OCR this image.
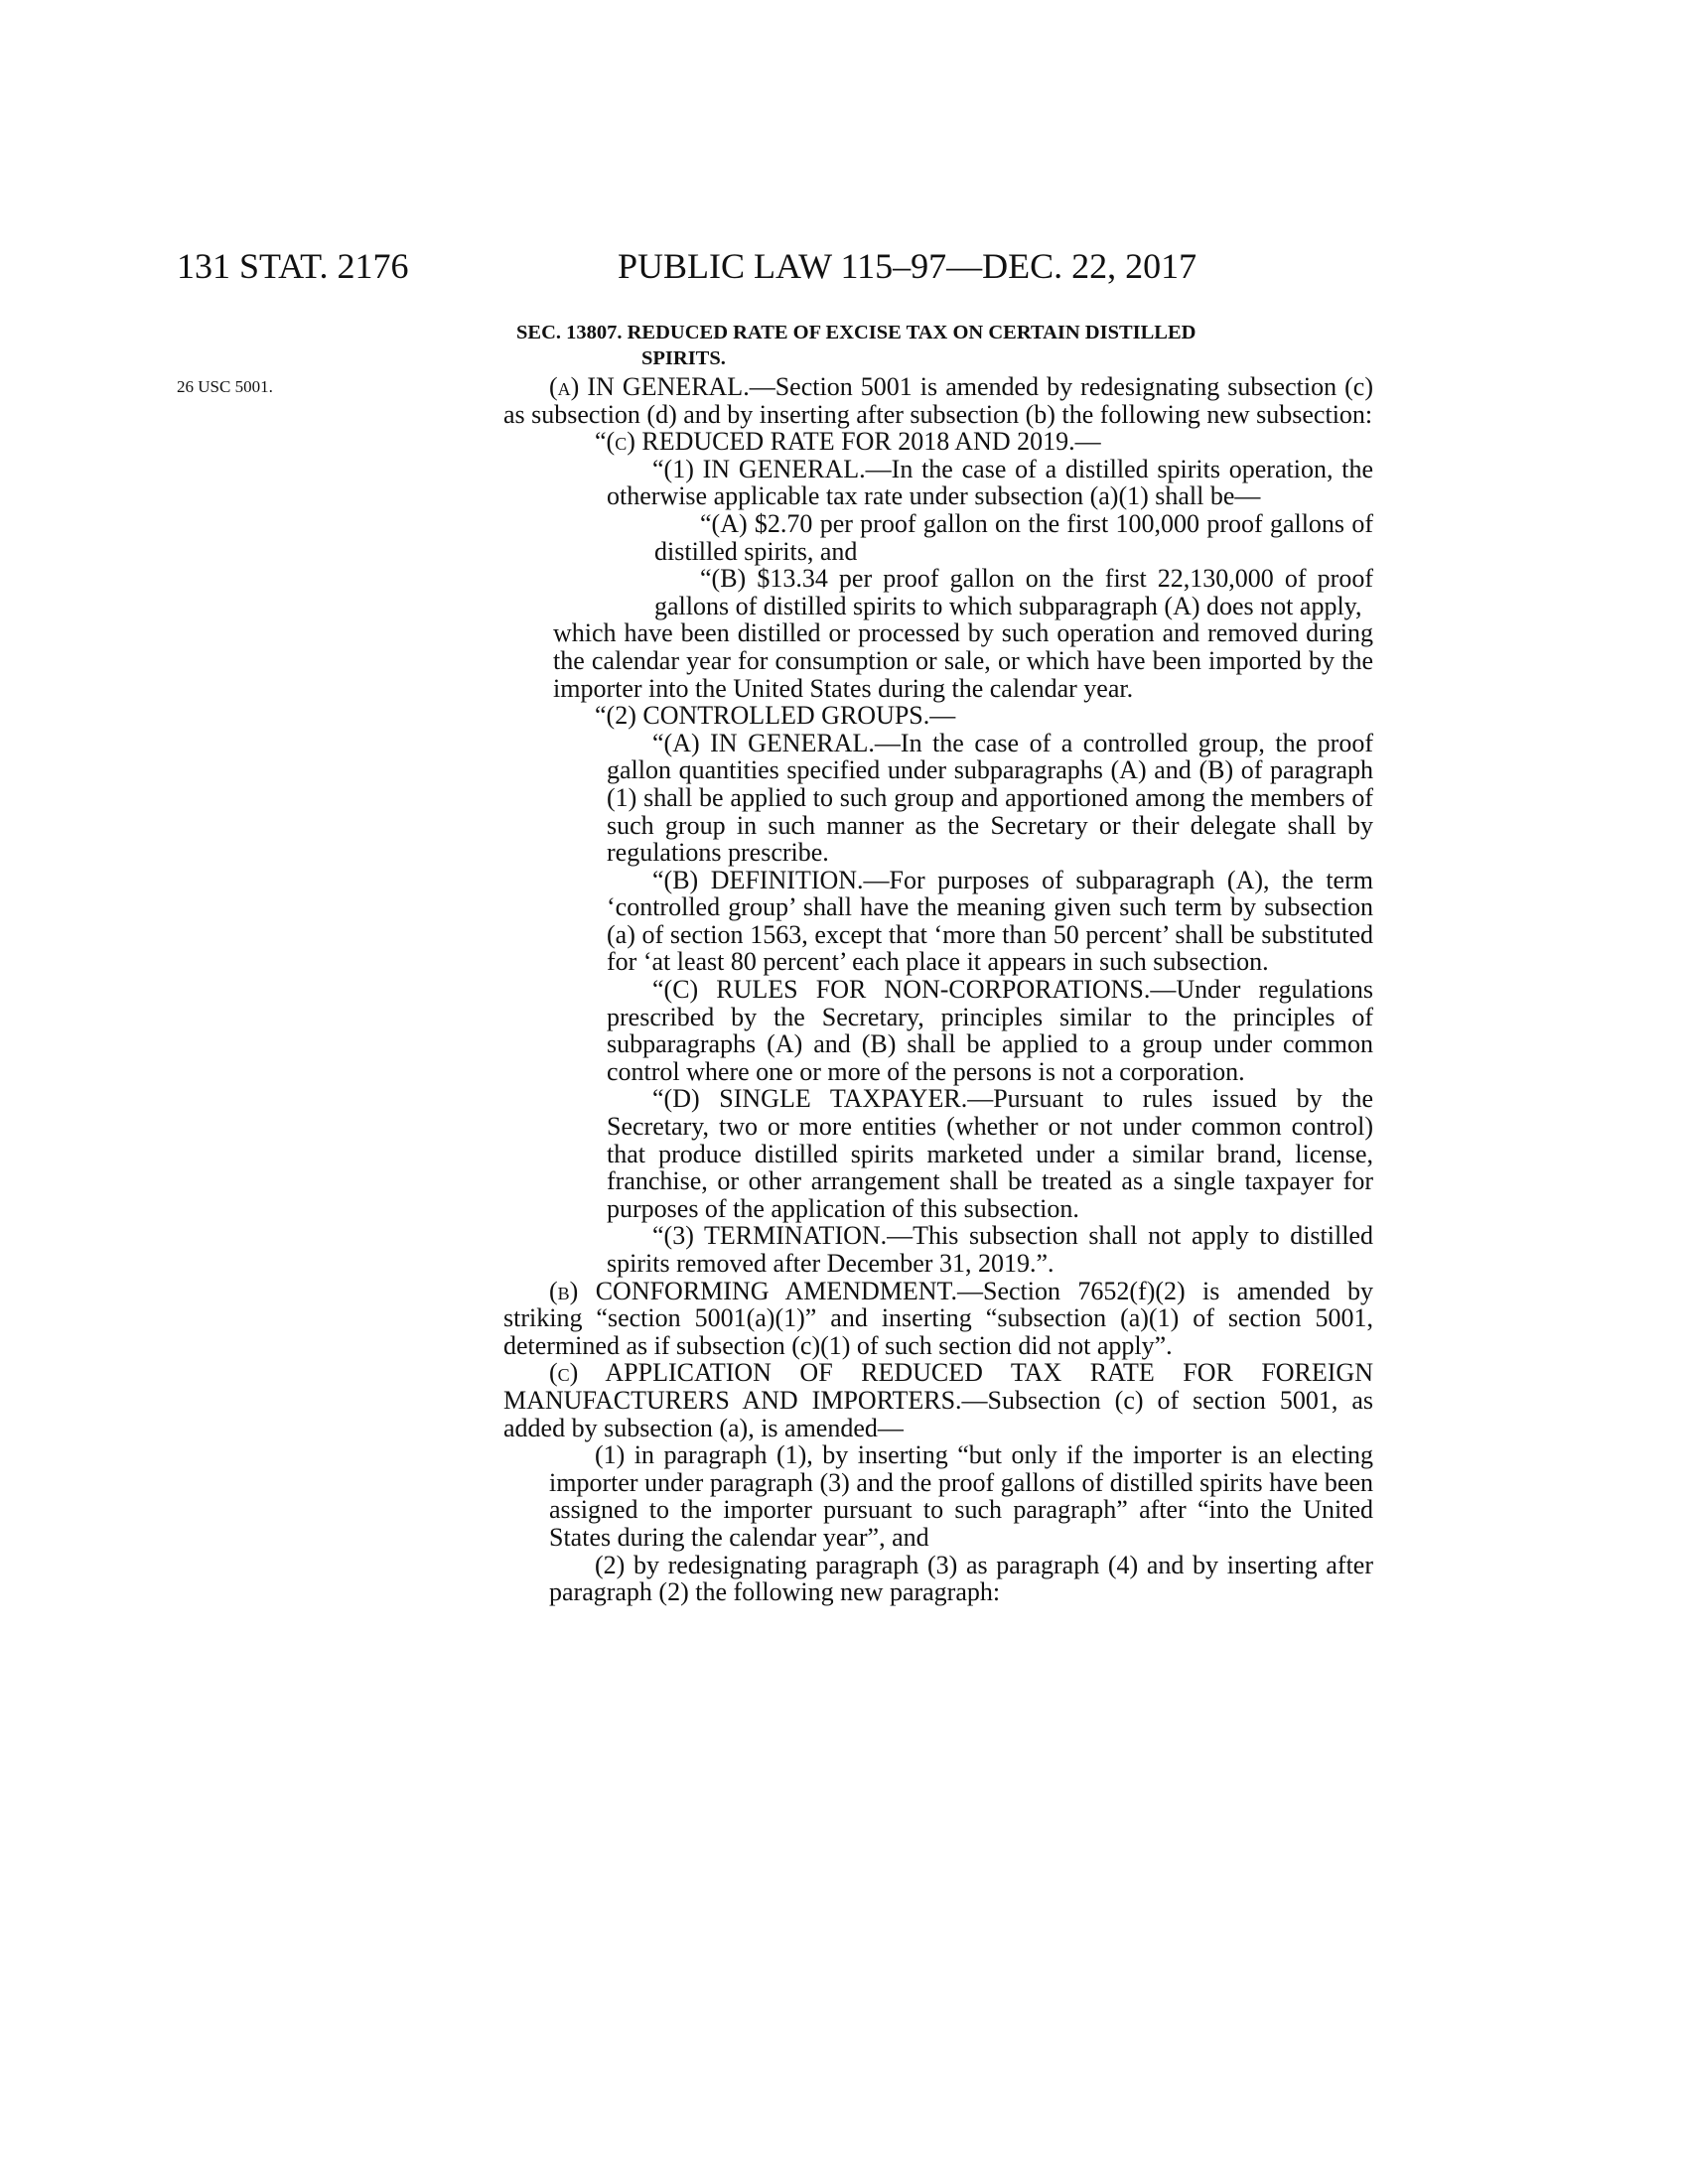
131 STAT. 2176	PUBLIC LAW 115–97—DEC. 22, 2017
SEC. 13807. REDUCED RATE OF EXCISE TAX ON CERTAIN DISTILLED
SPIRITS.
26 USC 5001.	(a) IN GENERAL.—Section 5001 is amended by redesignating subsection (c) as subsection (d) and by inserting after subsection (b) the following new subsection:

“(c) REDUCED RATE FOR 2018 AND 2019.—

“(1) IN GENERAL.—In the case of a distilled spirits operation, the otherwise applicable tax rate under subsection (a)(1) shall be—

“(A) $2.70 per proof gallon on the first 100,000 proof gallons of distilled spirits, and

“(B) $13.34 per proof gallon on the first 22,130,000 of proof gallons of distilled spirits to which subparagraph (A) does not apply,

which have been distilled or processed by such operation and removed during the calendar year for consumption or sale, or which have been imported by the importer into the United States during the calendar year.

“(2) CONTROLLED GROUPS.—

“(A) IN GENERAL.—In the case of a controlled group, the proof gallon quantities specified under subparagraphs (A) and (B) of paragraph (1) shall be applied to such group and apportioned among the members of such group in such manner as the Secretary or their delegate shall by regulations prescribe.

“(B) DEFINITION.—For purposes of subparagraph (A), the term ‘controlled group’ shall have the meaning given such term by subsection (a) of section 1563, except that ‘more than 50 percent’ shall be substituted for ‘at least 80 percent’ each place it appears in such subsection.

“(C) RULES FOR NON-CORPORATIONS.—Under regulations prescribed by the Secretary, principles similar to the principles of subparagraphs (A) and (B) shall be applied to a group under common control where one or more of the persons is not a corporation.

“(D) SINGLE TAXPAYER.—Pursuant to rules issued by the Secretary, two or more entities (whether or not under common control) that produce distilled spirits marketed under a similar brand, license, franchise, or other arrangement shall be treated as a single taxpayer for purposes of the application of this subsection.

“(3) TERMINATION.—This subsection shall not apply to distilled spirits removed after December 31, 2019.”.

(b) CONFORMING AMENDMENT.—Section 7652(f)(2) is amended by striking “section 5001(a)(1)” and inserting “subsection (a)(1) of section 5001, determined as if subsection (c)(1) of such section did not apply”.

(c) APPLICATION OF REDUCED TAX RATE FOR FOREIGN MANUFACTURERS AND IMPORTERS.—Subsection (c) of section 5001, as added by subsection (a), is amended—

(1) in paragraph (1), by inserting “but only if the importer is an electing importer under paragraph (3) and the proof gallons of distilled spirits have been assigned to the importer pursuant to such paragraph” after “into the United States during the calendar year”, and

(2) by redesignating paragraph (3) as paragraph (4) and by inserting after paragraph (2) the following new paragraph:
